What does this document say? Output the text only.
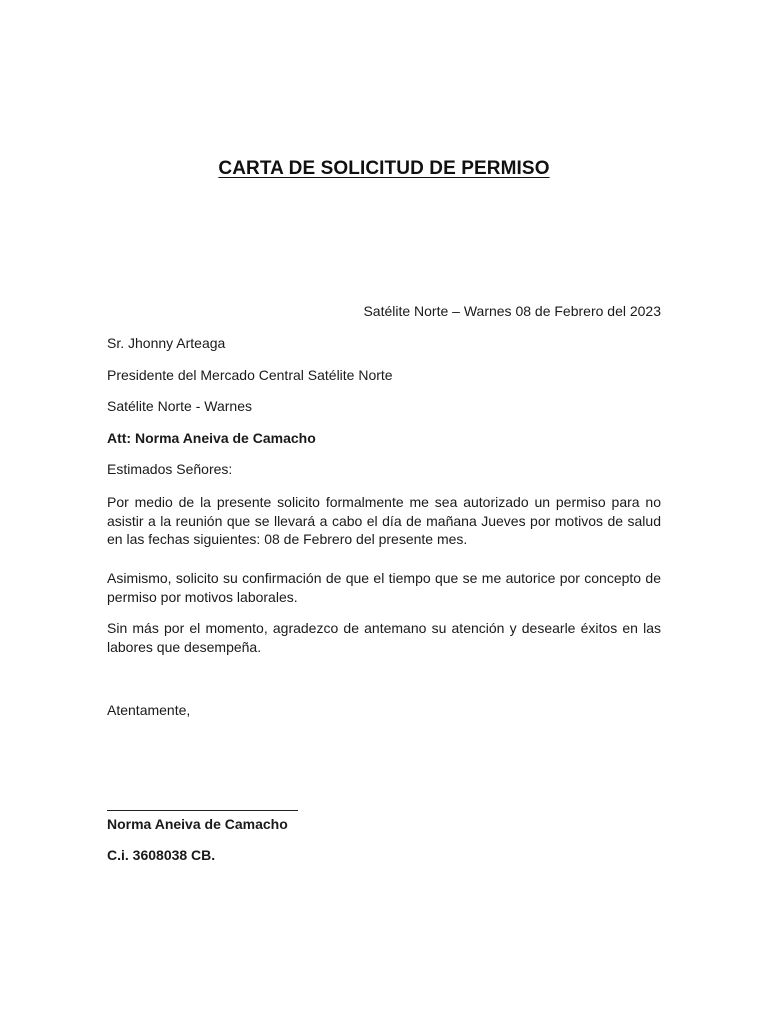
CARTA DE SOLICITUD DE PERMISO
Satélite Norte – Warnes 08 de Febrero del 2023
Sr. Jhonny Arteaga
Presidente del Mercado Central Satélite Norte
Satélite Norte - Warnes
Att: Norma Aneiva de Camacho
Estimados Señores:
Por medio de la presente solicito formalmente me sea autorizado un permiso para no asistir a la reunión que se llevará a cabo el día de mañana Jueves por motivos de salud en las fechas siguientes: 08 de Febrero del presente mes.
Asimismo, solicito su confirmación de que el tiempo que se me autorice por concepto de permiso por motivos laborales.
Sin más por el momento, agradezco de antemano su atención y desearle éxitos en las labores que desempeña.
Atentamente,
Norma Aneiva de Camacho
C.i. 3608038 CB.
